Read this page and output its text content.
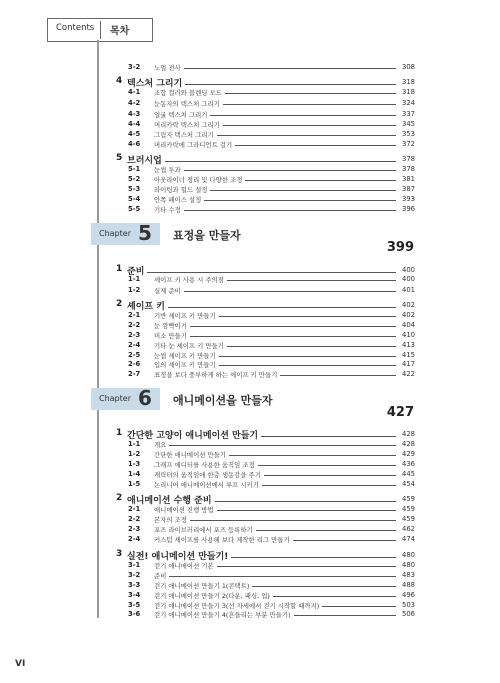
Contents 목차
3-2 노멀 전사	308
4 텍스처 그리기	318
4-1 조합 컬러와 블렌딩 모드	318
4-2 눈동자의 텍스처 그리기	324
4-3 얼굴 텍스처 그리기	337
4-4 머리카락 텍스처 그리기	345
4-5 그림자 텍스처 그리기	353
4-6 머리카락에 그라디언트 걸기	372
5 브러시업	378
5-1 눈썹 투과	378
5-2 아웃라이너 정리 및 다양한 조정	381
5-3 라이팅과 헐드 설정	387
5-4 안쪽 페이스 설정	393
5-5 기타 수정	396
Chapter 5 표정을 만들자
399
1 준비	400
1-1 셰이프 키 사용 시 주의점	400
1-2 실제 준비	401
2 셰이프 키	402
2-1 기반 셰이프 키 만들기	402
2-2 눈 깜빡이기	404
2-3 미소 만들기	410
2-4 기타 눈 셰이프 키 만들기	413
2-5 눈썹 셰이프 키 만들기	415
2-6 입의 셰이프 키 만들기	417
2-7 표정을 보다 풍부하게 하는 셰이프 키 만들기	422
Chapter 6 애니메이션을 만들자
427
1 간단한 고양이 애니메이션 만들기	428
1-1 개요	428
1-2 간단한 애니메이션 만들기	429
1-3 그래프 에디터를 사용한 움직임 조정	436
1-4 캐릭터의 움직임에 한층 생동감을 주기	445
1-5 논리니어 애니메이션에서 루프 시키기	454
2 애니메이션 수행 준비	459
2-1 애니메이션 진행 방법	459
2-2 본자의 조정	459
2-3 포즈 라이브러리에서 포즈 등록하기	462
2-4 커스텀 셰이프를 사용해 보다 제작한 리그 만들기	474
3 실전! 애니메이션 만들기!	480
3-1 걷기 애니메이션 기본	480
3-2 준비	483
3-3 걷기 애니메이션 만들기 1(콘택트)	488
3-4 걷기 애니메이션 만들기 2(다운, 패싱, 업)	496
3-5 걷기 애니메이션 만들기 3(선 자세에서 걷기 시작할 때까지)	503
3-6 걷기 애니메이션 만들기 4(흔들리는 부분 만들기)	506
VI
